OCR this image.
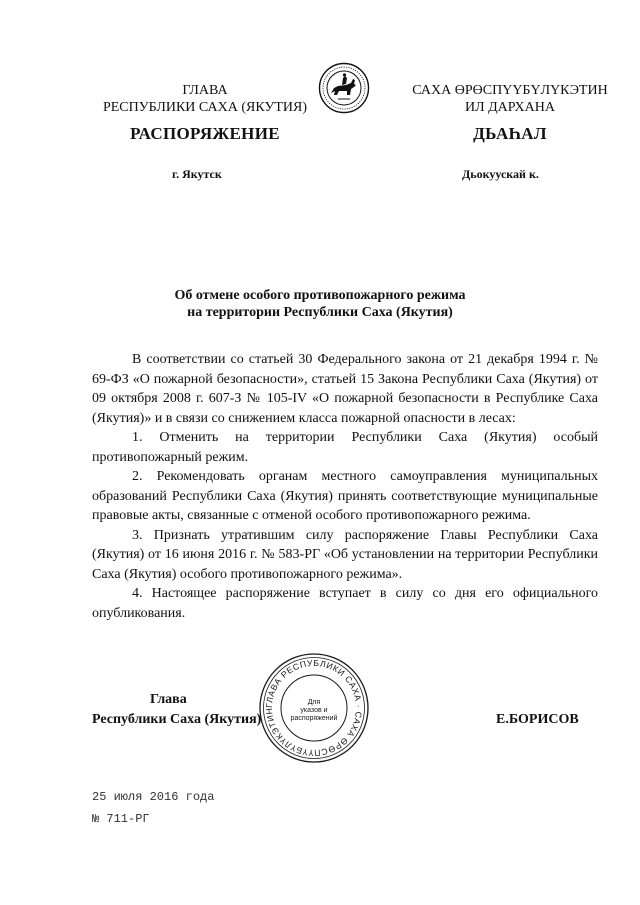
ГЛАВА
РЕСПУБЛИКИ САХА (ЯКУТИЯ)
САХА ӨРӨСПҮҮБҮЛҮКЭТИН
ИЛ ДАРХАНА
РАСПОРЯЖЕНИЕ	ДЬАҺАЛ
г. Якутск	Дьокуускай к.
Об отмене особого противопожарного режима
на территории Республики Саха (Якутия)

В соответствии со статьей 30 Федерального закона от 21 декабря 1994 г. № 69-ФЗ «О пожарной безопасности», статьей 15 Закона Республики Саха (Якутия) от 09 октября 2008 г. 607-З № 105-IV «О пожарной безопасности в Республике Саха (Якутия)» и в связи со снижением класса пожарной опасности в лесах:

1. Отменить на территории Республики Саха (Якутия) особый противопожарный режим.

2. Рекомендовать органам местного самоуправления муниципальных образований Республики Саха (Якутия) принять соответствующие муниципальные правовые акты, связанные с отменой особого противопожарного режима.

3. Признать утратившим силу распоряжение Главы Республики Саха (Якутия) от 16 июня 2016 г. № 583-РГ «Об установлении на территории Республики Саха (Якутия) особого противопожарного режима».

4. Настоящее распоряжение вступает в силу со дня его официального опубликования.

Глава
Республики Саха (Якутия)	Е.БОРИСОВ
ГЛАВА РЕСПУБЛИКИ САХА · САХА ӨРӨСПҮҮБҮЛҮКЭТИН
Для
указов и
распоряжений
25 июля 2016 года
№ 711-РГ
